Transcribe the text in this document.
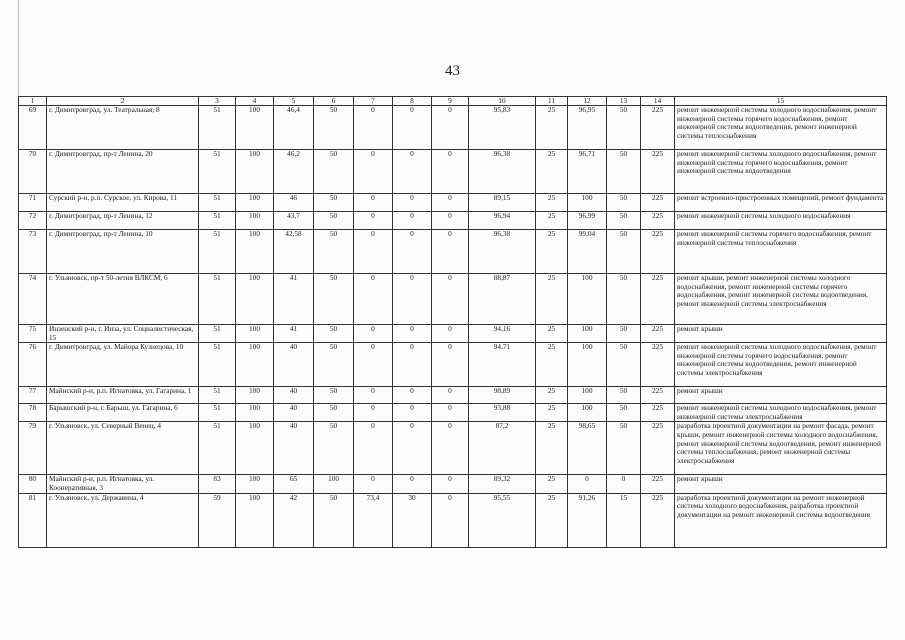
43
1	2	3	4	5	6	7	8	9	10	11	12	13	14	15
69	г. Димитровград, ул. Театральная, 8	51	100	46,4	50	0	0	0	95,83	25	96,95	50	225	ремонт инженерной системы холодного водоснабжения, ремонт инженерной системы горячего водоснабжения, ремонт инженерной системы водоотведения, ремонт инженерной системы теплоснабжения
70	г. Димитровград, пр-т Ленина, 20	51	100	46,2	50	0	0	0	96,38	25	96,71	50	225	ремонт инженерной системы холодного водоснабжения, ремонт инженерной системы горячего водоснабжения, ремонт инженерной системы водоотведения
71	Сурский р-н, р.п. Сурское, ул. Кирова, 11	51	100	46	50	0	0	0	89,15	25	100	50	225	ремонт встроенно-пристроенных помещений, ремонт фундамента
72	г. Димитровград, пр-т Ленина, 12	51	100	43,7	50	0	0	0	96,94	25	96,99	50	225	ремонт инженерной системы холодного водоснабжения
73	г. Димитровград, пр-т Ленина, 10	51	100	42,58	50	0	0	0	96,38	25	99,04	50	225	ремонт инженерной системы горячего водоснабжения, ремонт инженерной системы теплоснабжения
74	г. Ульяновск, пр-т 50-летия ВЛКСМ, 6	51	100	41	50	0	0	0	88,87	25	100	50	225	ремонт крыши, ремонт инженерной системы холодного водоснабжения, ремонт инженерной системы горячего водоснабжения, ремонт инженерной системы водоотведения, ремонт инженерной системы электроснабжения
75	Инзенский р-н, г. Инза, ул. Социалистическая, 15	51	100	41	50	0	0	0	94,16	25	100	50	225	ремонт крыши
76	г. Димитровград, ул. Майора Кузнецова, 10	51	100	40	50	0	0	0	94,71	25	100	50	225	ремонт инженерной системы холодного водоснабжения, ремонт инженерной системы горячего водоснабжения, ремонт инженерной системы водоотведения, ремонт инженерной системы электроснабжения
77	Майнский р-н, р.п. Игнатовка, ул. Гагарина, 1	51	100	40	50	0	0	0	98,89	25	100	50	225	ремонт крыши
78	Барышский р-н, г. Барыш, ул. Гагарина, 6	51	100	40	50	0	0	0	93,88	25	100	50	225	ремонт инженерной системы холодного водоснабжения, ремонт инженерной системы электроснабжения
79	г. Ульяновск, ул. Северный Венец, 4	51	100	40	50	0	0	0	87,2	25	98,65	50	225	разработка проектной документации на ремонт фасада, ремонт крыши, ремонт инженерной системы холодного водоснабжения, ремонт инженерной системы водоотведения, ремонт инженерной системы теплоснабжения, ремонт инженерной системы электроснабжения
80	Майнский р-н, р.п. Игнатовка, ул. Кооперативная, 3	83	100	65	100	0	0	0	89,32	25	0	0	225	ремонт крыши
81	г. Ульяновск, ул. Державина, 4	59	100	42	50	73,4	30	0	95,55	25	91,26	15	225	разработка проектной документации на ремонт инженерной системы холодного водоснабжения, разработка проектной документации на ремонт инженерной системы водоотведения
